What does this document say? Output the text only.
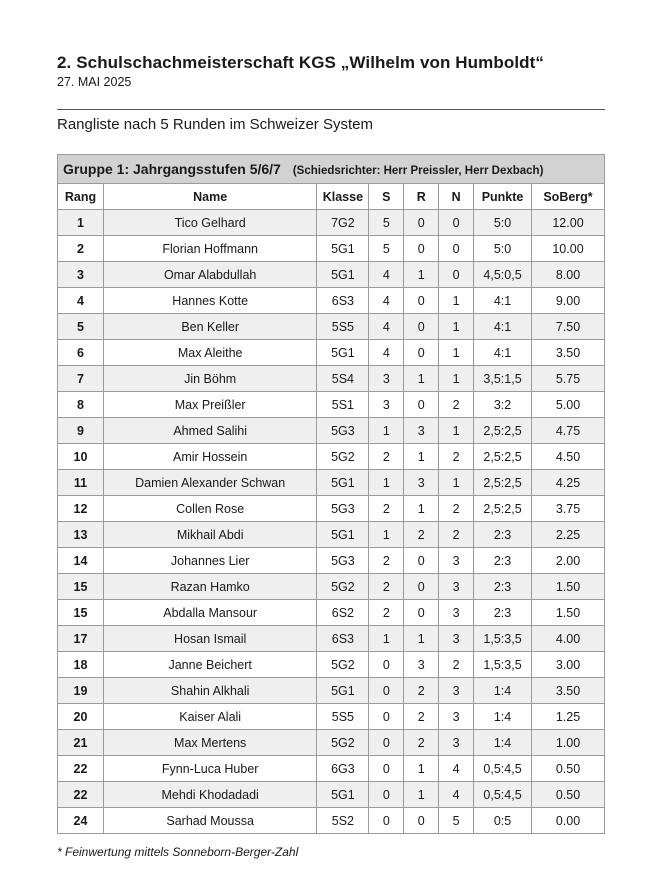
2. Schulschachmeisterschaft KGS „Wilhelm von Humboldt“
27. MAI 2025
Rangliste nach 5 Runden im Schweizer System
Gruppe 1: Jahrgangsstufen 5/6/7 (Schiedsrichter: Herr Preissler, Herr Dexbach)							
Rang	Name	Klasse	S	R	N	Punkte	SoBerg*
1	Tico Gelhard	7G2	5	0	0	5:0	12.00
2	Florian Hoffmann	5G1	5	0	0	5:0	10.00
3	Omar Alabdullah	5G1	4	1	0	4,5:0,5	8.00
4	Hannes Kotte	6S3	4	0	1	4:1	9.00
5	Ben Keller	5S5	4	0	1	4:1	7.50
6	Max Aleithe	5G1	4	0	1	4:1	3.50
7	Jin Böhm	5S4	3	1	1	3,5:1,5	5.75
8	Max Preißler	5S1	3	0	2	3:2	5.00
9	Ahmed Salihi	5G3	1	3	1	2,5:2,5	4.75
10	Amir Hossein	5G2	2	1	2	2,5:2,5	4.50
11	Damien Alexander Schwan	5G1	1	3	1	2,5:2,5	4.25
12	Collen Rose	5G3	2	1	2	2,5:2,5	3.75
13	Mikhail Abdi	5G1	1	2	2	2:3	2.25
14	Johannes Lier	5G3	2	0	3	2:3	2.00
15	Razan Hamko	5G2	2	0	3	2:3	1.50
15	Abdalla Mansour	6S2	2	0	3	2:3	1.50
17	Hosan Ismail	6S3	1	1	3	1,5:3,5	4.00
18	Janne Beichert	5G2	0	3	2	1,5:3,5	3.00
19	Shahin Alkhali	5G1	0	2	3	1:4	3.50
20	Kaiser Alali	5S5	0	2	3	1:4	1.25
21	Max Mertens	5G2	0	2	3	1:4	1.00
22	Fynn-Luca Huber	6G3	0	1	4	0,5:4,5	0.50
22	Mehdi Khodadadi	5G1	0	1	4	0,5:4,5	0.50
24	Sarhad Moussa	5S2	0	0	5	0:5	0.00
* Feinwertung mittels Sonneborn-Berger-Zahl
